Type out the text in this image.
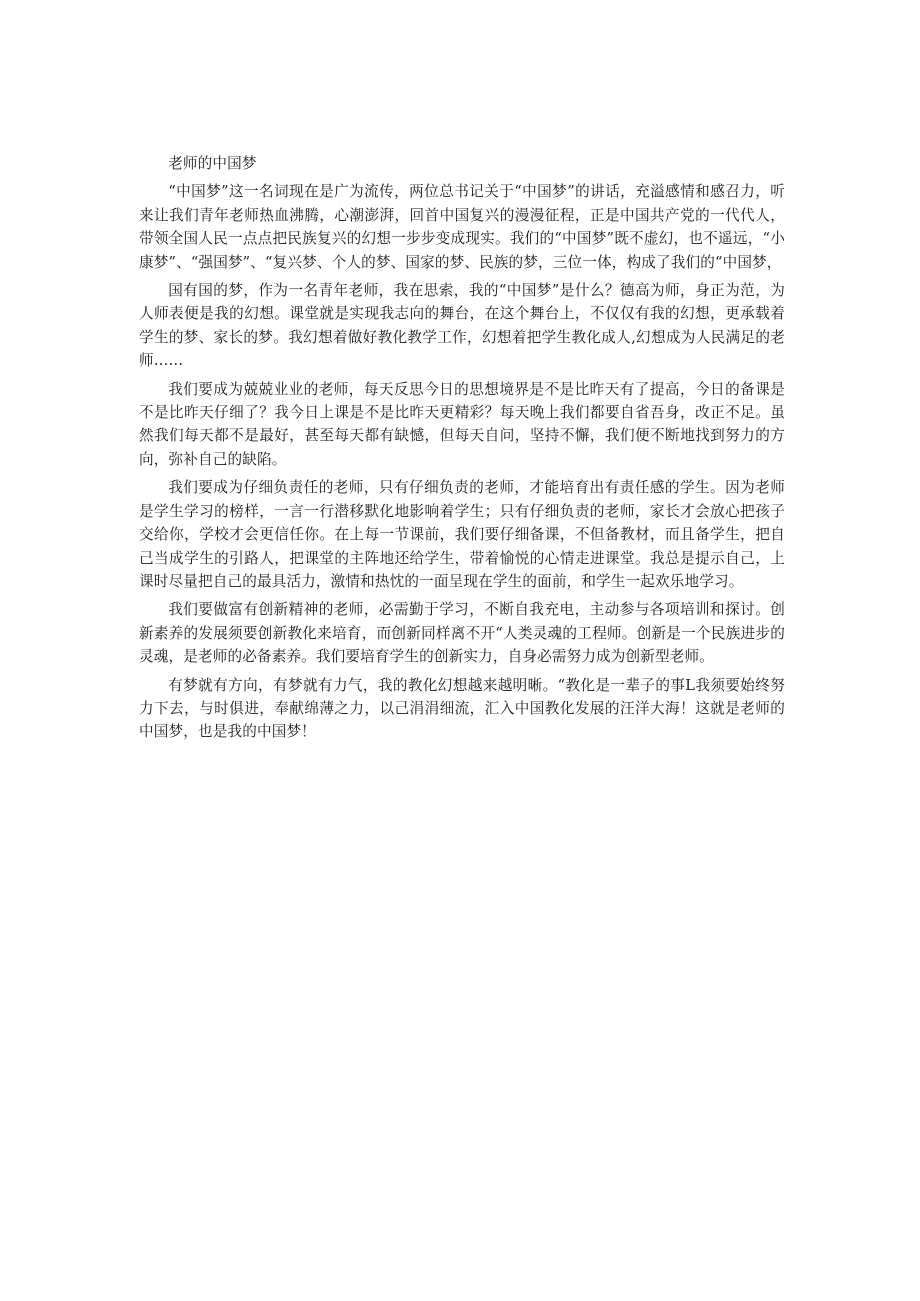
老师的中国梦

“中国梦”这一名词现在是广为流传，两位总书记关于“中国梦”的讲话，充溢感情和感召力，听来让我们青年老师热血沸腾，心潮澎湃，回首中国复兴的漫漫征程，正是中国共产党的一代代人，带领全国人民一点点把民族复兴的幻想一步步变成现实。我们的“中国梦”既不虚幻，也不遥远，“小康梦”、“强国梦”、“复兴梦、个人的梦、国家的梦、民族的梦，三位一体，构成了我们的“中国梦，

国有国的梦，作为一名青年老师，我在思索，我的“中国梦”是什么？德高为师，身正为范，为人师表便是我的幻想。课堂就是实现我志向的舞台，在这个舞台上，不仅仅有我的幻想，更承载着学生的梦、家长的梦。我幻想着做好教化教学工作，幻想着把学生教化成人,幻想成为人民满足的老师……

我们要成为兢兢业业的老师，每天反思今日的思想境界是不是比昨天有了提高，今日的备课是不是比昨天仔细了？我今日上课是不是比昨天更精彩？每天晚上我们都要自省吾身，改正不足。虽然我们每天都不是最好，甚至每天都有缺憾，但每天自问，坚持不懈，我们便不断地找到努力的方向，弥补自己的缺陷。

我们要成为仔细负责任的老师，只有仔细负责的老师，才能培育出有责任感的学生。因为老师是学生学习的榜样，一言一行潜移默化地影响着学生；只有仔细负责的老师，家长才会放心把孩子交给你，学校才会更信任你。在上每一节课前，我们要仔细备课，不但备教材，而且备学生，把自己当成学生的引路人，把课堂的主阵地还给学生，带着愉悦的心情走进课堂。我总是提示自己，上课时尽量把自己的最具活力，激情和热忱的一面呈现在学生的面前，和学生一起欢乐地学习。

我们要做富有创新精神的老师，必需勤于学习，不断自我充电，主动参与各项培训和探讨。创新素养的发展须要创新教化来培育，而创新同样离不开“人类灵魂的工程师。创新是一个民族进步的灵魂，是老师的必备素养。我们要培育学生的创新实力，自身必需努力成为创新型老师。

有梦就有方向，有梦就有力气，我的教化幻想越来越明晰。“教化是一辈子的事L我须要始终努力下去，与时俱进，奉献绵薄之力，以己涓涓细流，汇入中国教化发展的汪洋大海！这就是老师的中国梦，也是我的中国梦！
